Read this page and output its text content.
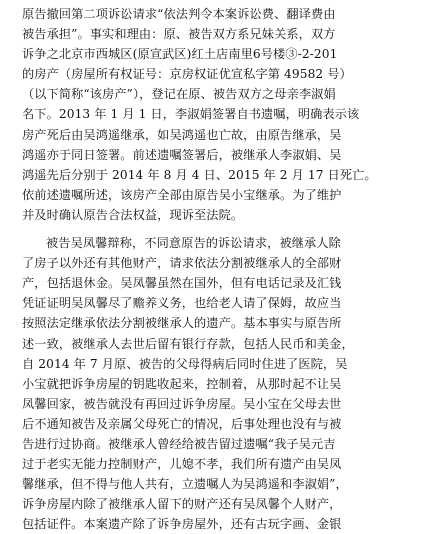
原告撤回第二项诉讼请求“依法判令本案诉讼费、翻译费由
被告承担”。事实和理由：原、被告双方系兄妹关系，双方
诉争之北京市西城区(原宣武区)红土店南里6号楼③-2-201
的房产（房屋所有权证号：京房权证优宣私字第 49582 号）
（以下简称“该房产”），登记在原、被告双方之母亲李淑娟
名下。2013 年 1 月 1 日，李淑娟签署自书遗嘱，明确表示该
房产死后由吴鸿遥继承，如吴鸿遥也亡故，由原告继承，吴
鸿遥亦于同日签署。前述遗嘱签署后，被继承人李淑娟、吴
鸿遥先后分别于 2014 年 8 月 4 日、2015 年 2 月 17 日死亡。
依前述遗嘱所述，该房产全部由原告吴小宝继承。为了维护
并及时确认原告合法权益，现诉至法院。
被告吴凤馨辩称，不同意原告的诉讼请求，被继承人除
了房子以外还有其他财产，请求依法分割被继承人的全部财
产，包括退休金。吴凤馨虽然在国外，但有电话记录及汇钱
凭证证明吴凤馨尽了赡养义务，也给老人请了保姆，故应当
按照法定继承依法分割被继承人的遗产。基本事实与原告所
述一致，被继承人去世后留有银行存款，包括人民币和美金，
自 2014 年 7 月原、被告的父母得病后同时住进了医院，吴
小宝就把诉争房屋的钥匙收起来，控制着，从那时起不让吴
凤馨回家，被告就没有再回过诉争房屋。吴小宝在父母去世
后不通知被告及亲属父母死亡的情况，后事处理也没有与被
告进行过协商。被继承人曾经给被告留过遗嘱“我子吴元吉
过于老实无能力控制财产，儿媳不孝，我们所有遗产由吴凤
馨继承，但不得与他人共有，立遗嘱人为吴鸿遥和李淑娟”，
诉争房屋内除了被继承人留下的财产还有吴凤馨个人财产，
包括证件。本案遗产除了诉争房屋外，还有古玩字画、金银
